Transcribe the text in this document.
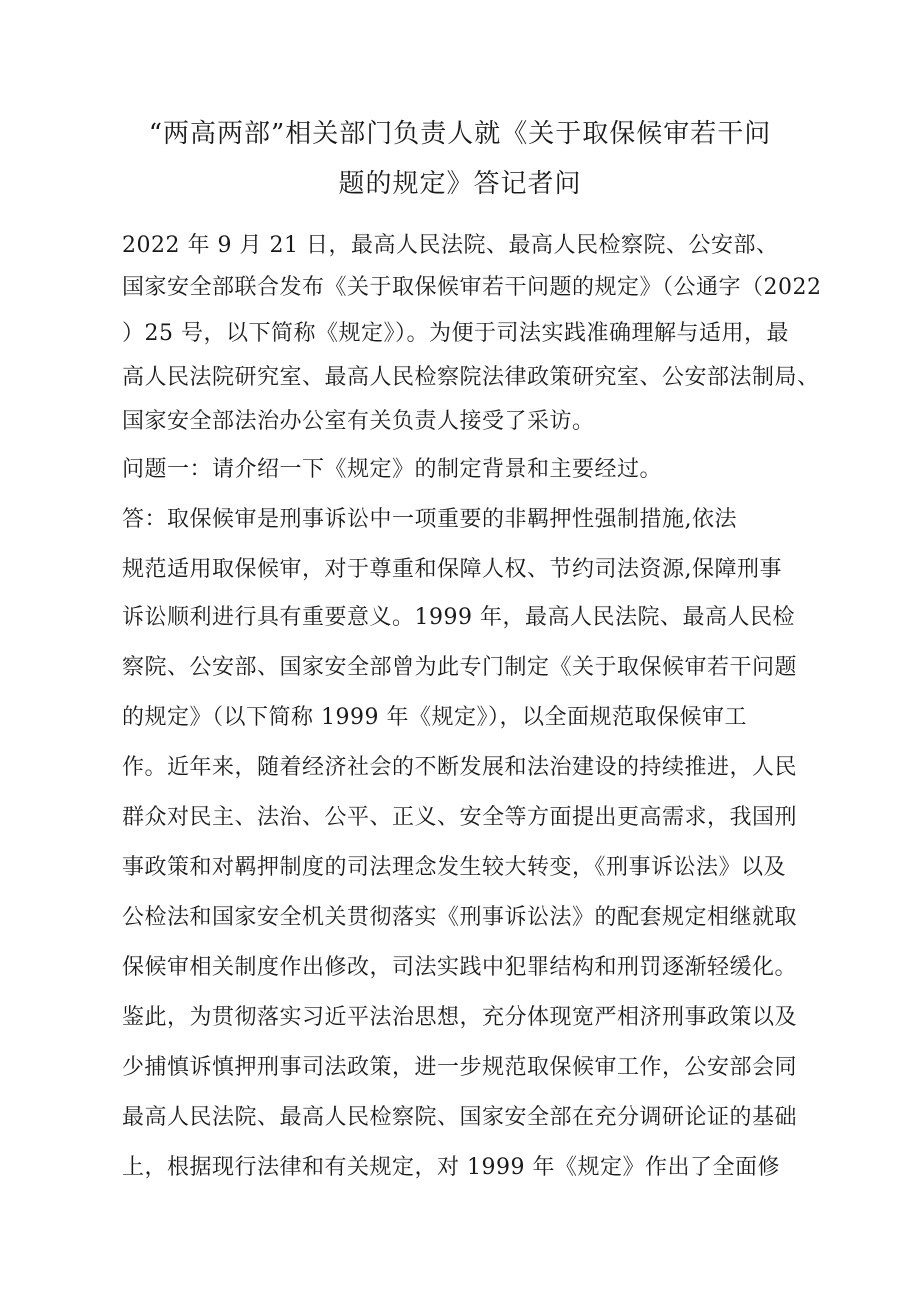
“两高两部”相关部门负责人就《关于取保候审若干问
题的规定》答记者问
2022 年 9 月 21 日，最高人民法院、最高人民检察院、公安部、
国家安全部联合发布《关于取保候审若干问题的规定》（公通字（2022
）25 号，以下简称《规定》）。为便于司法实践准确理解与适用，最
高人民法院研究室、最高人民检察院法律政策研究室、公安部法制局、
国家安全部法治办公室有关负责人接受了采访。
问题一：请介绍一下《规定》的制定背景和主要经过。
答：取保候审是刑事诉讼中一项重要的非羁押性强制措施,依法
规范适用取保候审，对于尊重和保障人权、节约司法资源,保障刑事
诉讼顺利进行具有重要意义。1999 年，最高人民法院、最高人民检
察院、公安部、国家安全部曾为此专门制定《关于取保候审若干问题
的规定》（以下简称 1999 年《规定》），以全面规范取保候审工
作。近年来，随着经济社会的不断发展和法治建设的持续推进，人民
群众对民主、法治、公平、正义、安全等方面提出更高需求，我国刑
事政策和对羁押制度的司法理念发生较大转变，《刑事诉讼法》以及
公检法和国家安全机关贯彻落实《刑事诉讼法》的配套规定相继就取
保候审相关制度作出修改，司法实践中犯罪结构和刑罚逐渐轻缓化。
鉴此，为贯彻落实习近平法治思想，充分体现宽严相济刑事政策以及
少捕慎诉慎押刑事司法政策，进一步规范取保候审工作，公安部会同
最高人民法院、最高人民检察院、国家安全部在充分调研论证的基础
上，根据现行法律和有关规定，对 1999 年《规定》作出了全面修
